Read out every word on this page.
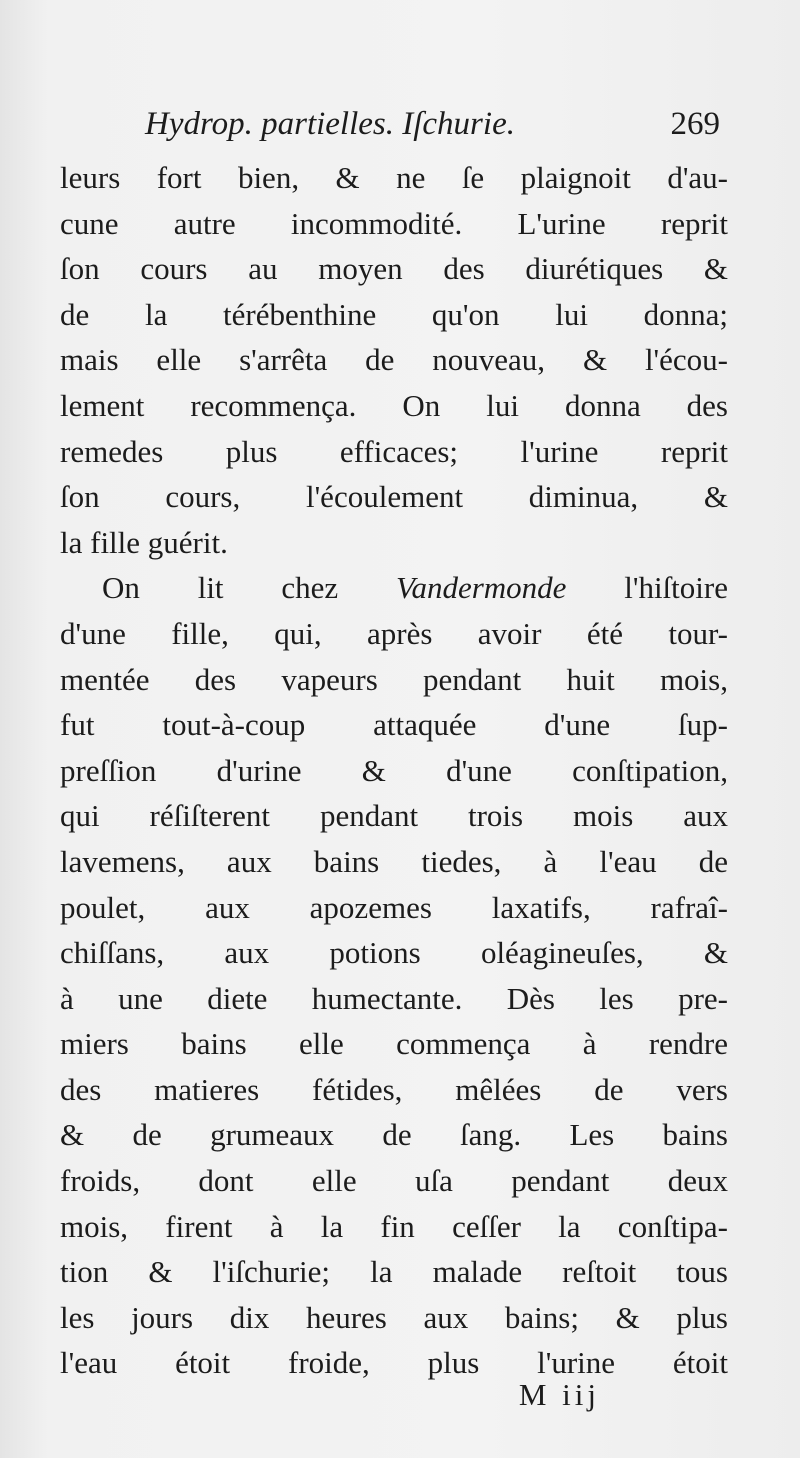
Hydrop. partielles. Iſchurie.	269
leurs fort bien, & ne ſe plaignoit d'au-
cune autre incommodité. L'urine reprit
ſon cours au moyen des diurétiques &
de la térébenthine qu'on lui donna;
mais elle s'arrêta de nouveau, & l'écou-
lement recommença. On lui donna des
remedes plus efficaces; l'urine reprit
ſon cours, l'écoulement diminua, &
la fille guérit.
On lit chez Vandermonde l'hiſtoire
d'une fille, qui, après avoir été tour-
mentée des vapeurs pendant huit mois,
fut tout-à-coup attaquée d'une ſup-
preſſion d'urine & d'une conſtipation,
qui réſiſterent pendant trois mois aux
lavemens, aux bains tiedes, à l'eau de
poulet, aux apozemes laxatifs, rafraî-
chiſſans, aux potions oléagineuſes, &
à une diete humectante. Dès les pre-
miers bains elle commença à rendre
des matieres fétides, mêlées de vers
& de grumeaux de ſang. Les bains
froids, dont elle uſa pendant deux
mois, firent à la fin ceſſer la conſtipa-
tion & l'iſchurie; la malade reſtoit tous
les jours dix heures aux bains; & plus
l'eau étoit froide, plus l'urine étoit
M iij
